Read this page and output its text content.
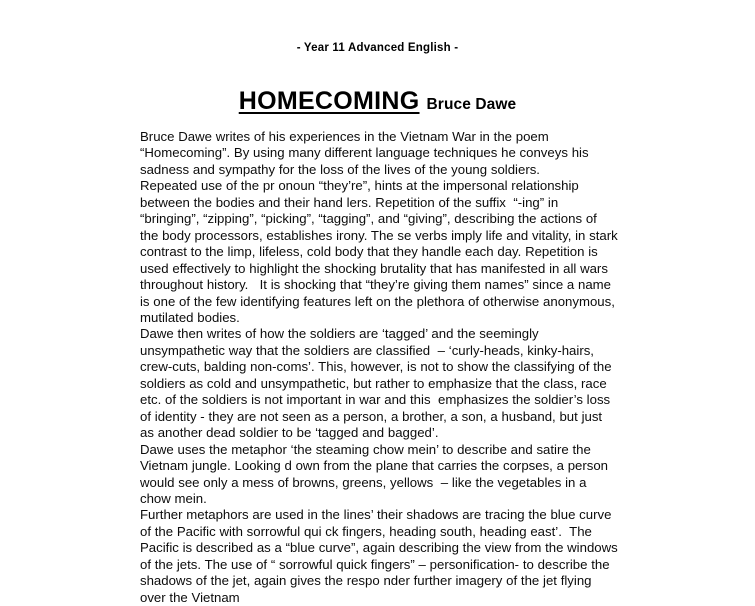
- Year 11 Advanced English -
HOMECOMING Bruce Dawe

Bruce Dawe writes of his experiences in the Vietnam War in the poem “Homecoming”. By using many different language techniques he conveys his sadness and sympathy for the loss of the lives of the young soldiers.

Repeated use of the pr onoun “they’re”, hints at the impersonal relationship between the bodies and their hand lers. Repetition of the suffix  “-ing” in “bringing”, “zipping”, “picking”, “tagging”, and “giving”, describing the actions of the body processors, establishes irony. The se verbs imply life and vitality, in stark contrast to the limp, lifeless, cold body that they handle each day. Repetition is used effectively to highlight the shocking brutality that has manifested in all wars throughout history.   It is shocking that “they’re giving them names” since a name is one of the few identifying features left on the plethora of otherwise anonymous, mutilated bodies.

Dawe then writes of how the soldiers are ‘tagged’ and the seemingly unsympathetic way that the soldiers are classified  – ‘curly-heads, kinky-hairs, crew-cuts, balding non-coms’. This, however, is not to show the classifying of the soldiers as cold and unsympathetic, but rather to emphasize that the class, race etc. of the soldiers is not important in war and this  emphasizes the soldier’s loss of identity - they are not seen as a person, a brother, a son, a husband, but just as another dead soldier to be ‘tagged and bagged’.

Dawe uses the metaphor ‘the steaming chow mein’ to describe and satire the Vietnam jungle. Looking d own from the plane that carries the corpses, a person would see only a mess of browns, greens, yellows  – like the vegetables in a chow mein.

Further metaphors are used in the lines’ their shadows are tracing the blue curve of the Pacific with sorrowful qui ck fingers, heading south, heading east’.  The Pacific is described as a “blue curve”, again describing the view from the windows of the jets. The use of “ sorrowful quick fingers” – personification- to describe the shadows of the jet, again gives the respo nder further imagery of the jet flying over the Vietnam
